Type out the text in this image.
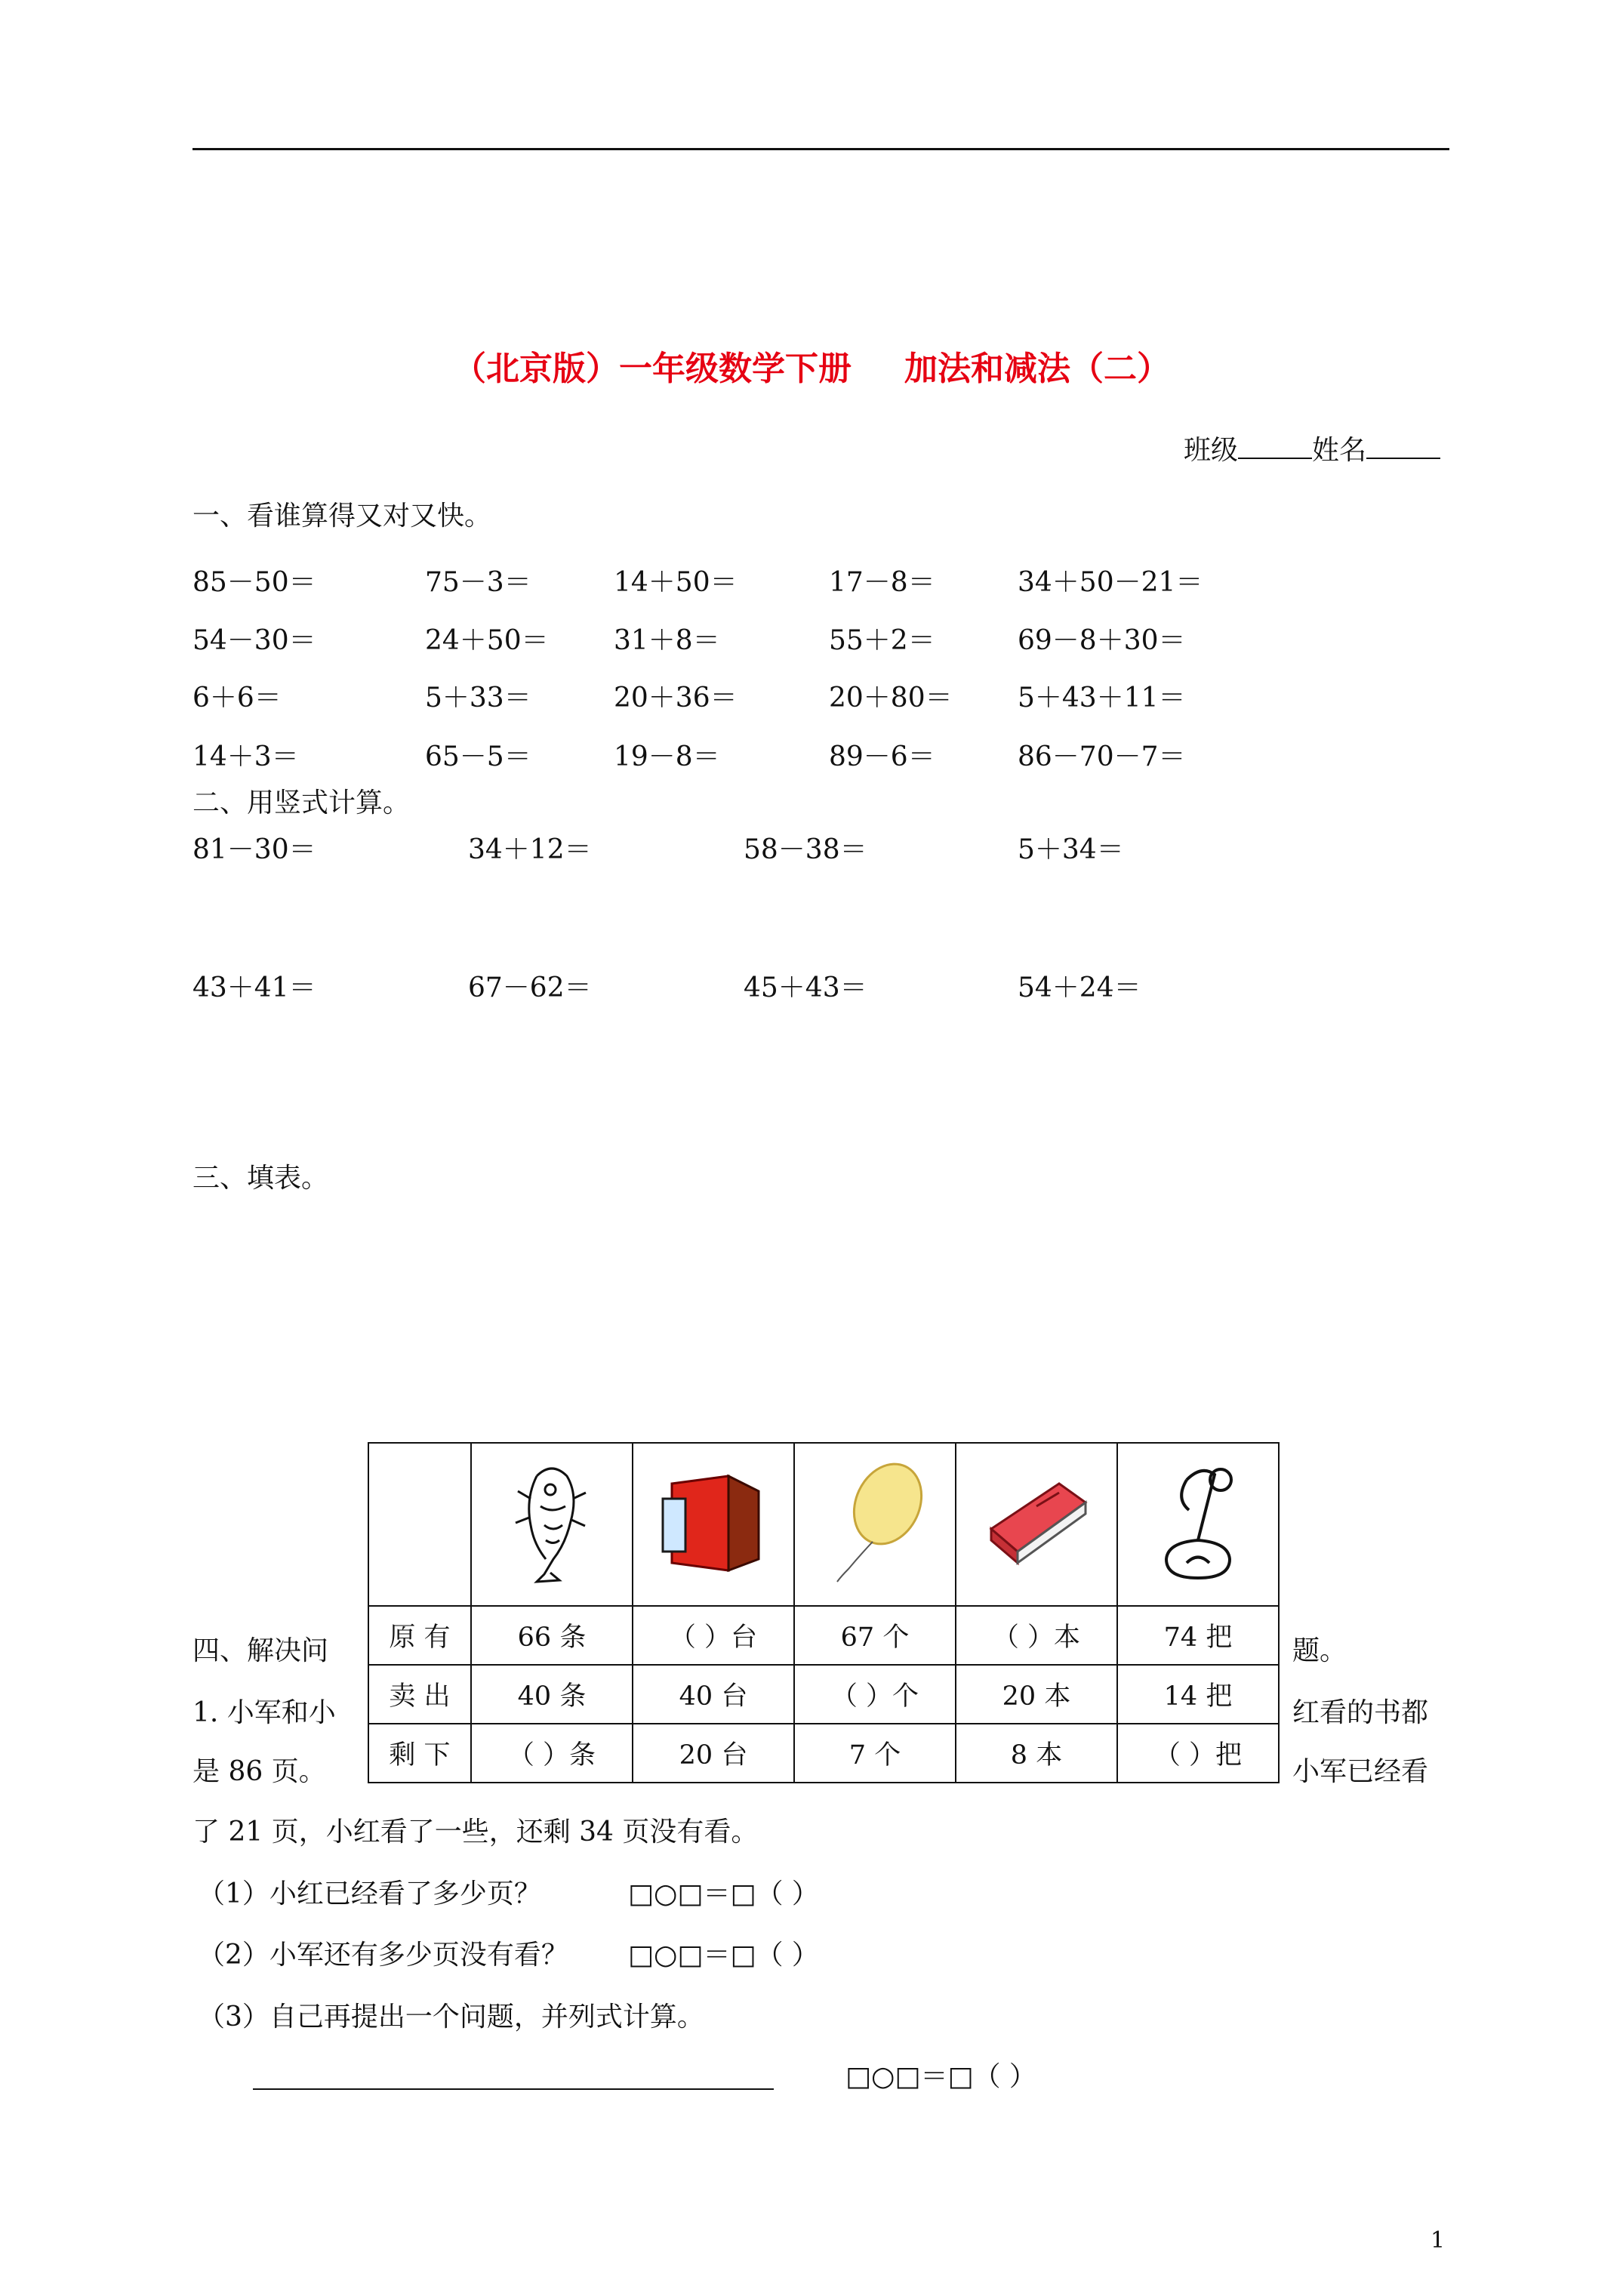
（北京版）一年级数学下册 加法和减法（二）
班级	姓名
一、看谁算得又对又快。
85－50＝	75－3＝	14＋50＝	17－8＝	34＋50－21＝
54－30＝	24＋50＝ 31＋8＝	55＋2＝	69－8＋30＝
6＋6＝	5＋33＝	20＋36＝	20＋80＝ 5＋43＋11＝
14＋3＝	65－5＝	19－8＝	89－6＝	86－70－7＝
二、用竖式计算。
81－30＝	34＋12＝	58－38＝	5＋34＝
43＋41＝	67－62＝	45＋43＝	54＋24＝
三、填表。

原 有	66 条	（ ）台	67 个	（ ）本	74 把
卖 出	40 条	40 台	（ ）个	20 本	14 把
剩 下	（ ）条	20 台	7 个	8 本	（ ）把
四、解决问	题。
1. 小军和小	红看的书都
是 86 页。	小军已经看
了 21 页，小红看了一些，还剩 34 页没有看。
（1）小红已经看了多少页？	□○□＝□（ ）
（2）小军还有多少页没有看？ □○□＝□（ ）
（3）自己再提出一个问题，并列式计算。
□○□＝□（ ）
1
